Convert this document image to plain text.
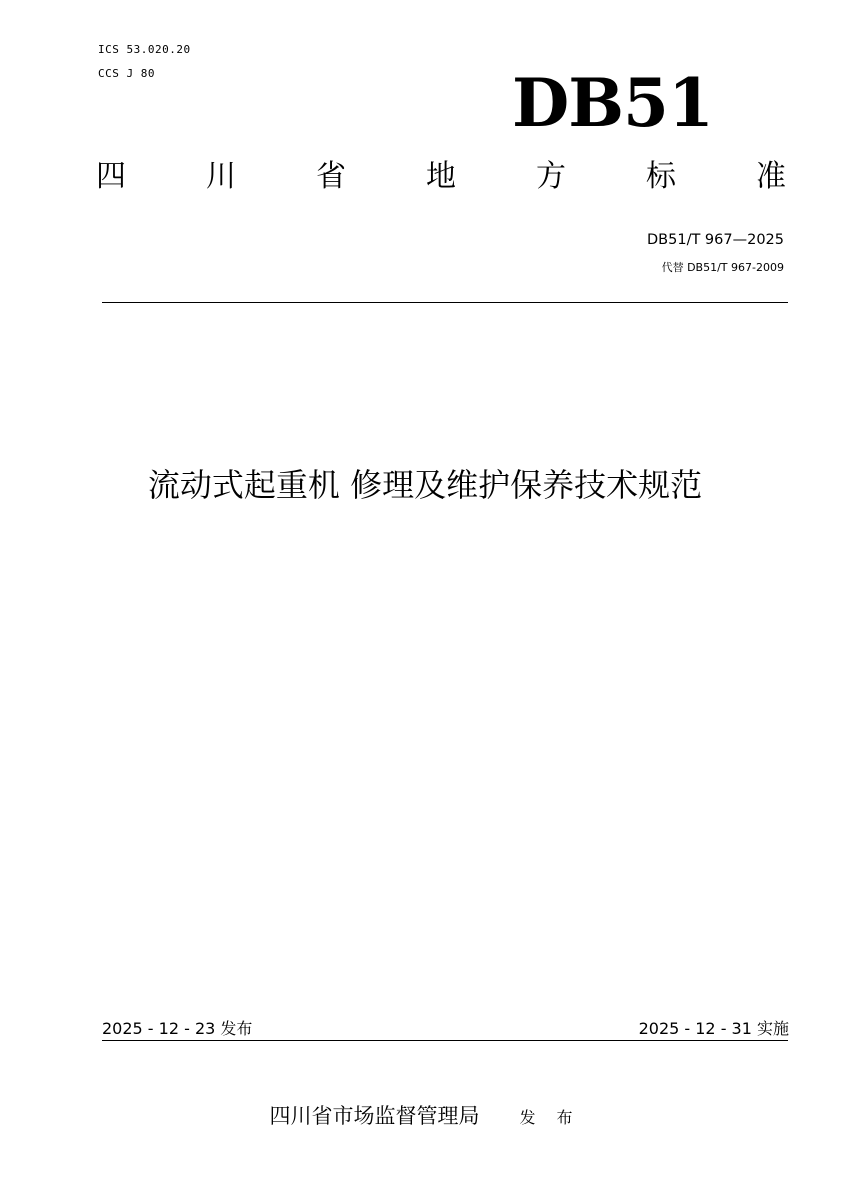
ICS 53.020.20
CCS J 80	DB51
四	川	省	地	方	标	准
DB51/T 967—2025
代替 DB51/T 967-2009
流动式起重机 修理及维护保养技术规范
2025 - 12 - 23 发布	2025 - 12 - 31 实施
四川省市场监督管理局	发 布
